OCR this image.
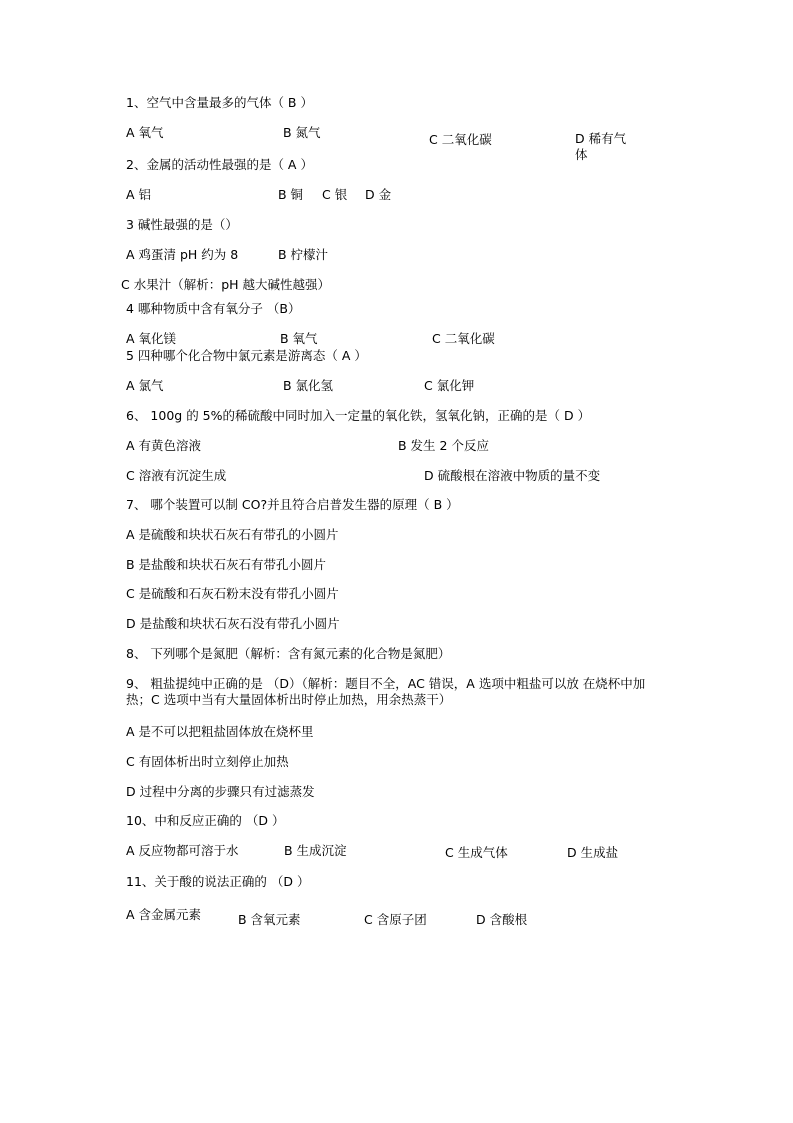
1、空气中含量最多的气体（ B ）
A 氧气	B 氮气	C 二氧化碳	D 稀有气体
2、金属的活动性最强的是（ A ）
A 铝	B 铜 C 银 D 金
3 碱性最强的是（）
A 鸡蛋清 pH 约为 8	B 柠檬汁
C 水果汁（解析：pH 越大碱性越强）
4 哪种物质中含有氧分子 （B）
A 氧化镁	B 氧气	C 二氧化碳
5 四种哪个化合物中氯元素是游离态（ A ）
A 氯气	B 氯化氢	C 氯化钾
6、 100g 的 5%的稀硫酸中同时加入一定量的氧化铁，氢氧化钠，正确的是（ D ）
A 有黄色溶液	B 发生 2 个反应
C 溶液有沉淀生成	D 硫酸根在溶液中物质的量不变
7、 哪个装置可以制 CO?并且符合启普发生器的原理（ B ）
A 是硫酸和块状石灰石有带孔的小圆片
B 是盐酸和块状石灰石有带孔小圆片
C 是硫酸和石灰石粉末没有带孔小圆片
D 是盐酸和块状石灰石没有带孔小圆片
8、 下列哪个是氮肥（解析：含有氮元素的化合物是氮肥）
9、 粗盐提纯中正确的是 （D）（解析：题目不全，AC 错误，A 选项中粗盐可以放 在烧杯中加热；C 选项中当有大量固体析出时停止加热，用余热蒸干）
A 是不可以把粗盐固体放在烧杯里
C 有固体析出时立刻停止加热
D 过程中分离的步骤只有过滤蒸发
10、中和反应正确的 （D ）
A 反应物都可溶于水	B 生成沉淀	C 生成气体	D 生成盐
11、关于酸的说法正确的 （D ）
A 含金属元素	B 含氧元素	C 含原子团	D 含酸根
